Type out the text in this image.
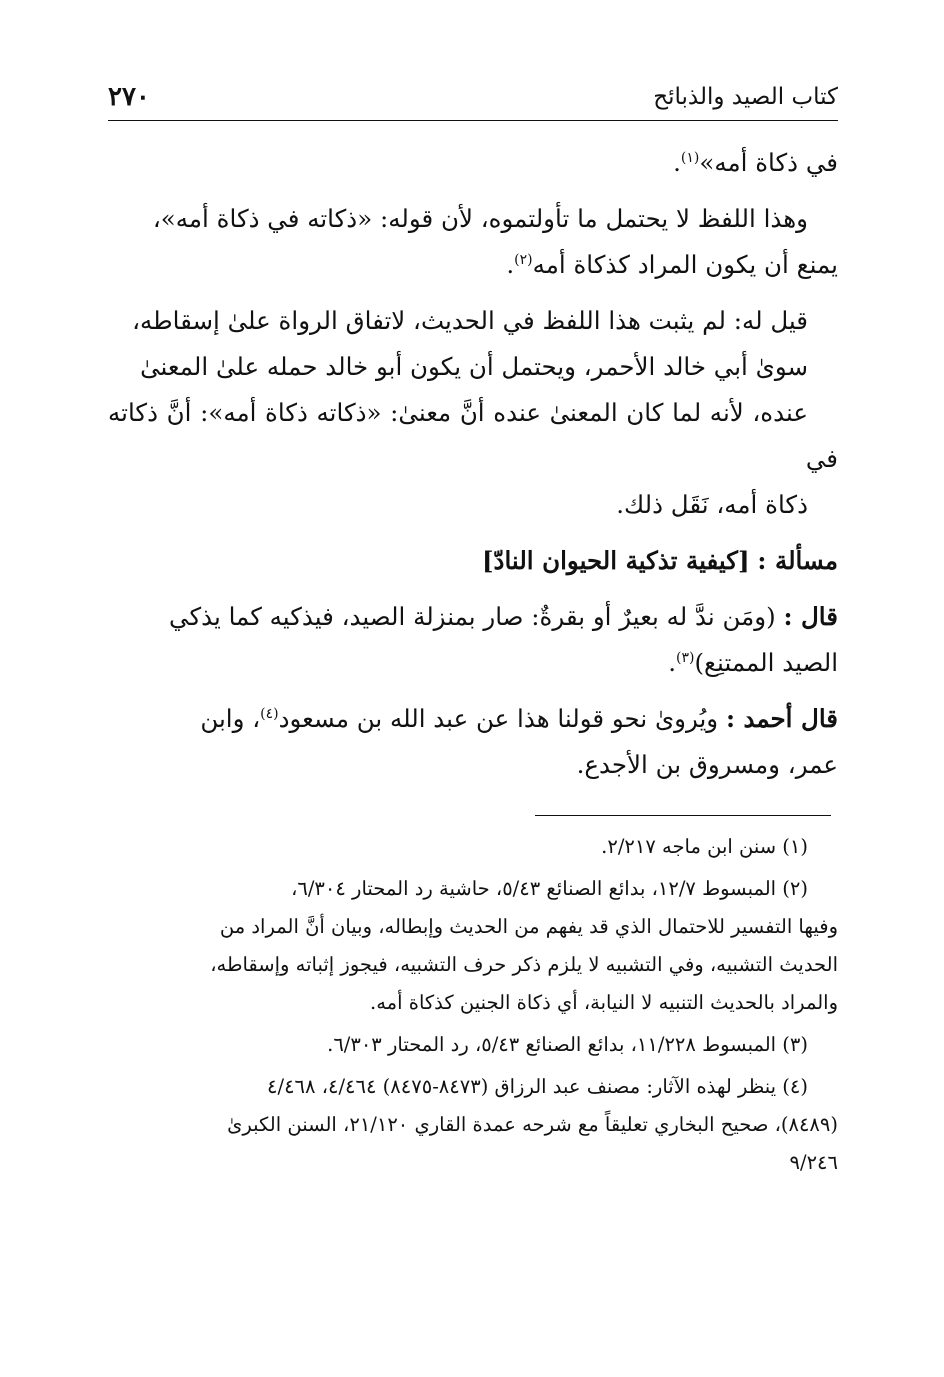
٢٧٠	كتاب الصيد والذبائح

في ذكاة أمه»$^{(١)}$.

وهذا اللفظ لا يحتمل ما تأولتموه، لأن قوله: «ذكاته في ذكاة أمه»،
يمنع أن يكون المراد كذكاة أمه$^{(٢)}$.

قيل له: لم يثبت هذا اللفظ في الحديث، لاتفاق الرواة علىٰ إسقاطه،
سوىٰ أبي خالد الأحمر، ويحتمل أن يكون أبو خالد حمله علىٰ المعنىٰ
عنده، لأنه لما كان المعنىٰ عنده أنَّ معنىٰ: «ذكاته ذكاة أمه»: أنَّ ذكاته في
ذكاة أمه، نَقَل ذلك.

مسألة : [كيفية تذكية الحيوان النادّ]

قال : (ومَن ندَّ له بعيرٌ أو بقرةٌ: صار بمنزلة الصيد، فيذكيه كما يذكي
الصيد الممتنِع)$^{(٣)}$.

قال أحمد : ويُروىٰ نحو قولنا هذا عن عبد الله بن مسعود$^{(٤)}$، وابن
عمر، ومسروق بن الأجدع.

(١) سنن ابن ماجه ٢/٢١٧.

(٢) المبسوط ١٢/٧، بدائع الصنائع ٥/٤٣، حاشية رد المحتار ٦/٣٠٤،

وفيها التفسير للاحتمال الذي قد يفهم من الحديث وإبطاله، وبيان أنَّ المراد من
الحديث التشبيه، وفي التشبيه لا يلزم ذكر حرف التشبيه، فيجوز إثباته وإسقاطه،
والمراد بالحديث التنبيه لا النيابة، أي ذكاة الجنين كذكاة أمه.

(٣) المبسوط ١١/٢٢٨، بدائع الصنائع ٥/٤٣، رد المحتار ٦/٣٠٣.

(٤) ينظر لهذه الآثار: مصنف عبد الرزاق (٨٤٧٣-٨٤٧٥) ٤/٤٦٤، ٤/٤٦٨

(٨٤٨٩)، صحيح البخاري تعليقاً مع شرحه عمدة القاري ٢١/١٢٠، السنن الكبرىٰ
٩/٢٤٦
